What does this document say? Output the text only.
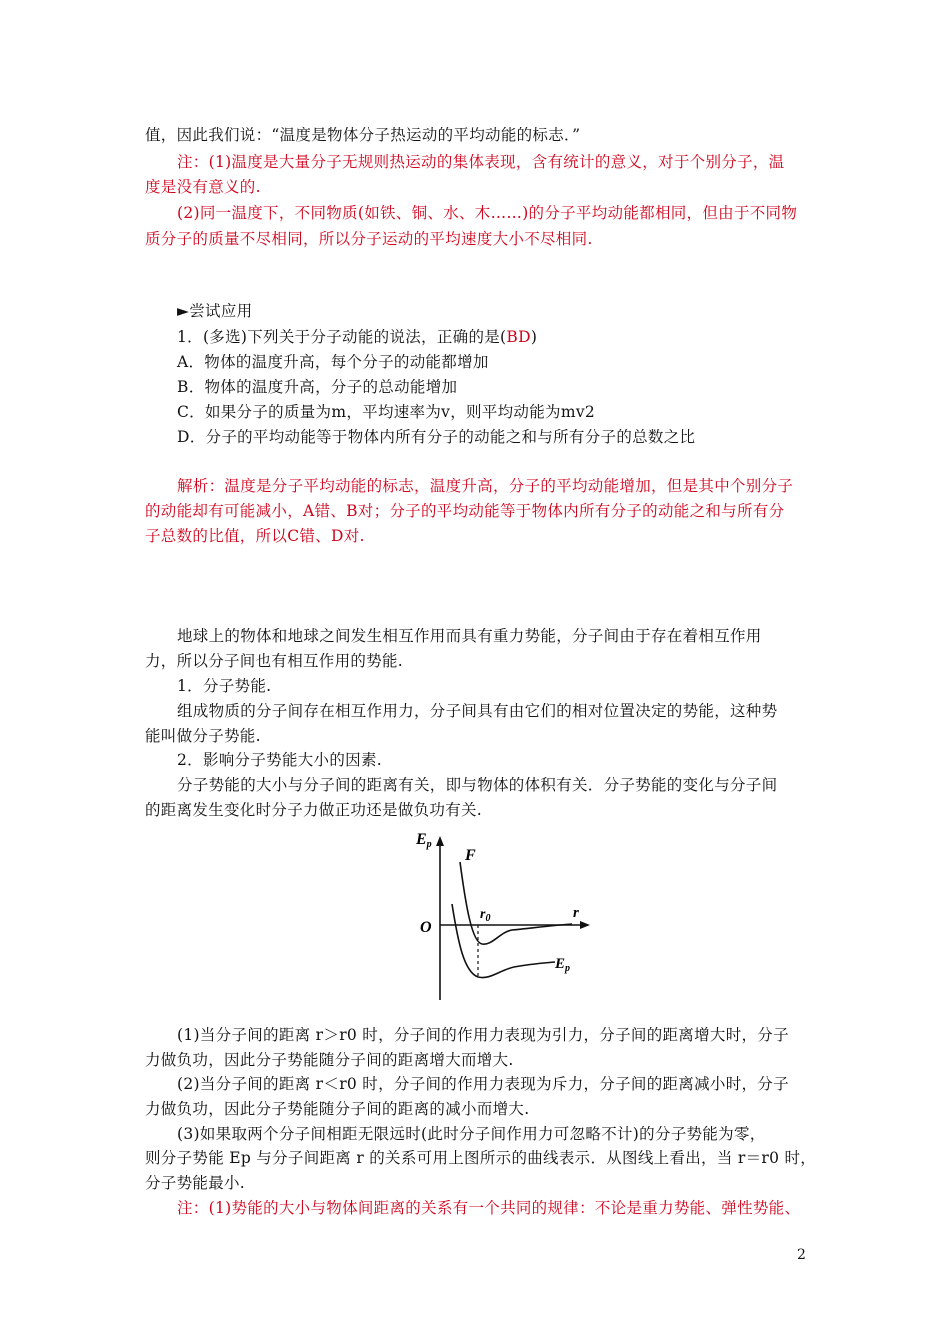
值，因此我们说：“温度是物体分子热运动的平均动能的标志．”
注：(1)温度是大量分子无规则热运动的集体表现，含有统计的意义，对于个别分子，温
度是没有意义的.
(2)同一温度下，不同物质(如铁、铜、水、木……)的分子平均动能都相同，但由于不同物
质分子的质量不尽相同，所以分子运动的平均速度大小不尽相同.
►尝试应用
1．(多选)下列关于分子动能的说法，正确的是(BD)
A．物体的温度升高，每个分子的动能都增加
B．物体的温度升高，分子的总动能增加
C．如果分子的质量为m，平均速率为v，则平均动能为mv2
D．分子的平均动能等于物体内所有分子的动能之和与所有分子的总数之比
解析：温度是分子平均动能的标志，温度升高，分子的平均动能增加，但是其中个别分子
的动能却有可能减小，A错、B对；分子的平均动能等于物体内所有分子的动能之和与所有分
子总数的比值，所以C错、D对.
地球上的物体和地球之间发生相互作用而具有重力势能，分子间由于存在着相互作用
力，所以分子间也有相互作用的势能.
1．分子势能.
组成物质的分子间存在相互作用力，分子间具有由它们的相对位置决定的势能，这种势
能叫做分子势能.
2．影响分子势能大小的因素.
分子势能的大小与分子间的距离有关，即与物体的体积有关．分子势能的变化与分子间
的距离发生变化时分子力做正功还是做负功有关.
Ep
F
O
$r_0$	r
$E_p$
(1)当分子间的距离 r＞r0 时，分子间的作用力表现为引力，分子间的距离增大时，分子
力做负功，因此分子势能随分子间的距离增大而增大.
(2)当分子间的距离 r＜r0 时，分子间的作用力表现为斥力，分子间的距离减小时，分子
力做负功，因此分子势能随分子间的距离的减小而增大.
(3)如果取两个分子间相距无限远时(此时分子间作用力可忽略不计)的分子势能为零，
则分子势能 Ep 与分子间距离 r 的关系可用上图所示的曲线表示．从图线上看出，当 r＝r0 时，
分子势能最小.
注：(1)势能的大小与物体间距离的关系有一个共同的规律：不论是重力势能、弹性势能、
2
